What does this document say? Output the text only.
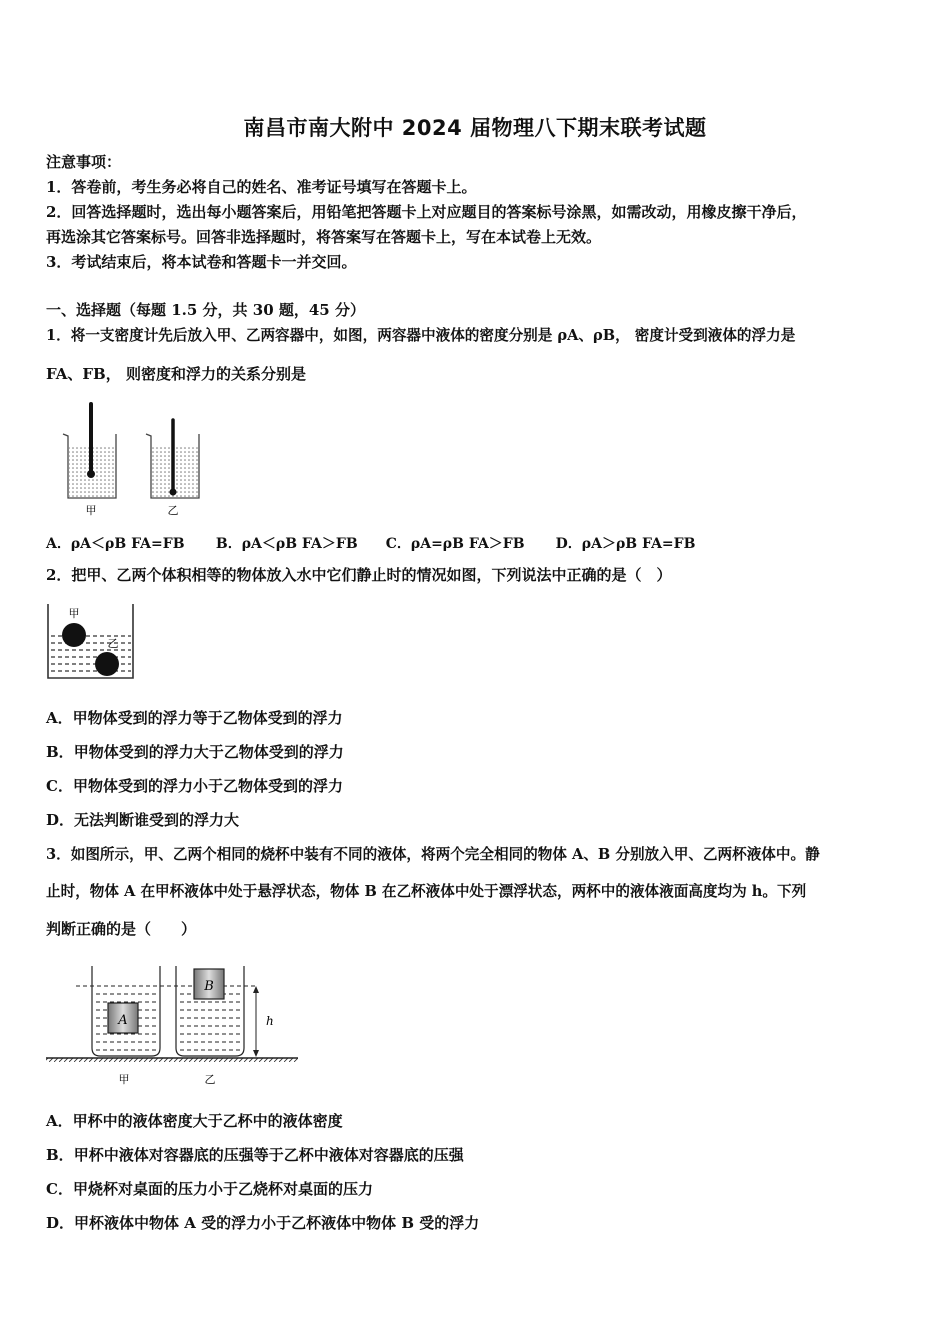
南昌市南大附中 2024 届物理八下期末联考试题
注意事项：
1．答卷前，考生务必将自己的姓名、准考证号填写在答题卡上。
2．回答选择题时，选出每小题答案后，用铅笔把答题卡上对应题目的答案标号涂黑，如需改动，用橡皮擦干净后，
再选涂其它答案标号。回答非选择题时，将答案写在答题卡上，写在本试卷上无效。
3．考试结束后，将本试卷和答题卡一并交回。
一、选择题（每题 1.5 分，共 30 题，45 分）
1．将一支密度计先后放入甲、乙两容器中，如图，两容器中液体的密度分别是 ρA、ρB， 密度计受到液体的浮力是
FA、FB， 则密度和浮力的关系分别是
甲	乙
A．ρA＜ρB FA=FB B．ρA＜ρB FA＞FB C．ρA=ρB FA＞FB D．ρA＞ρB FA=FB
2．把甲、乙两个体积相等的物体放入水中它们静止时的情况如图，下列说法中正确的是（　）
甲
乙
A．甲物体受到的浮力等于乙物体受到的浮力
B．甲物体受到的浮力大于乙物体受到的浮力
C．甲物体受到的浮力小于乙物体受到的浮力
D．无法判断谁受到的浮力大
3．如图所示，甲、乙两个相同的烧杯中装有不同的液体，将两个完全相同的物体 A、B 分别放入甲、乙两杯液体中。静
止时，物体 A 在甲杯液体中处于悬浮状态，物体 B 在乙杯液体中处于漂浮状态，两杯中的液体液面高度均为 h。下列
判断正确的是（　　）
A
B
h
甲	乙
A．甲杯中的液体密度大于乙杯中的液体密度
B．甲杯中液体对容器底的压强等于乙杯中液体对容器底的压强
C．甲烧杯对桌面的压力小于乙烧杯对桌面的压力
D．甲杯液体中物体 A 受的浮力小于乙杯液体中物体 B 受的浮力
